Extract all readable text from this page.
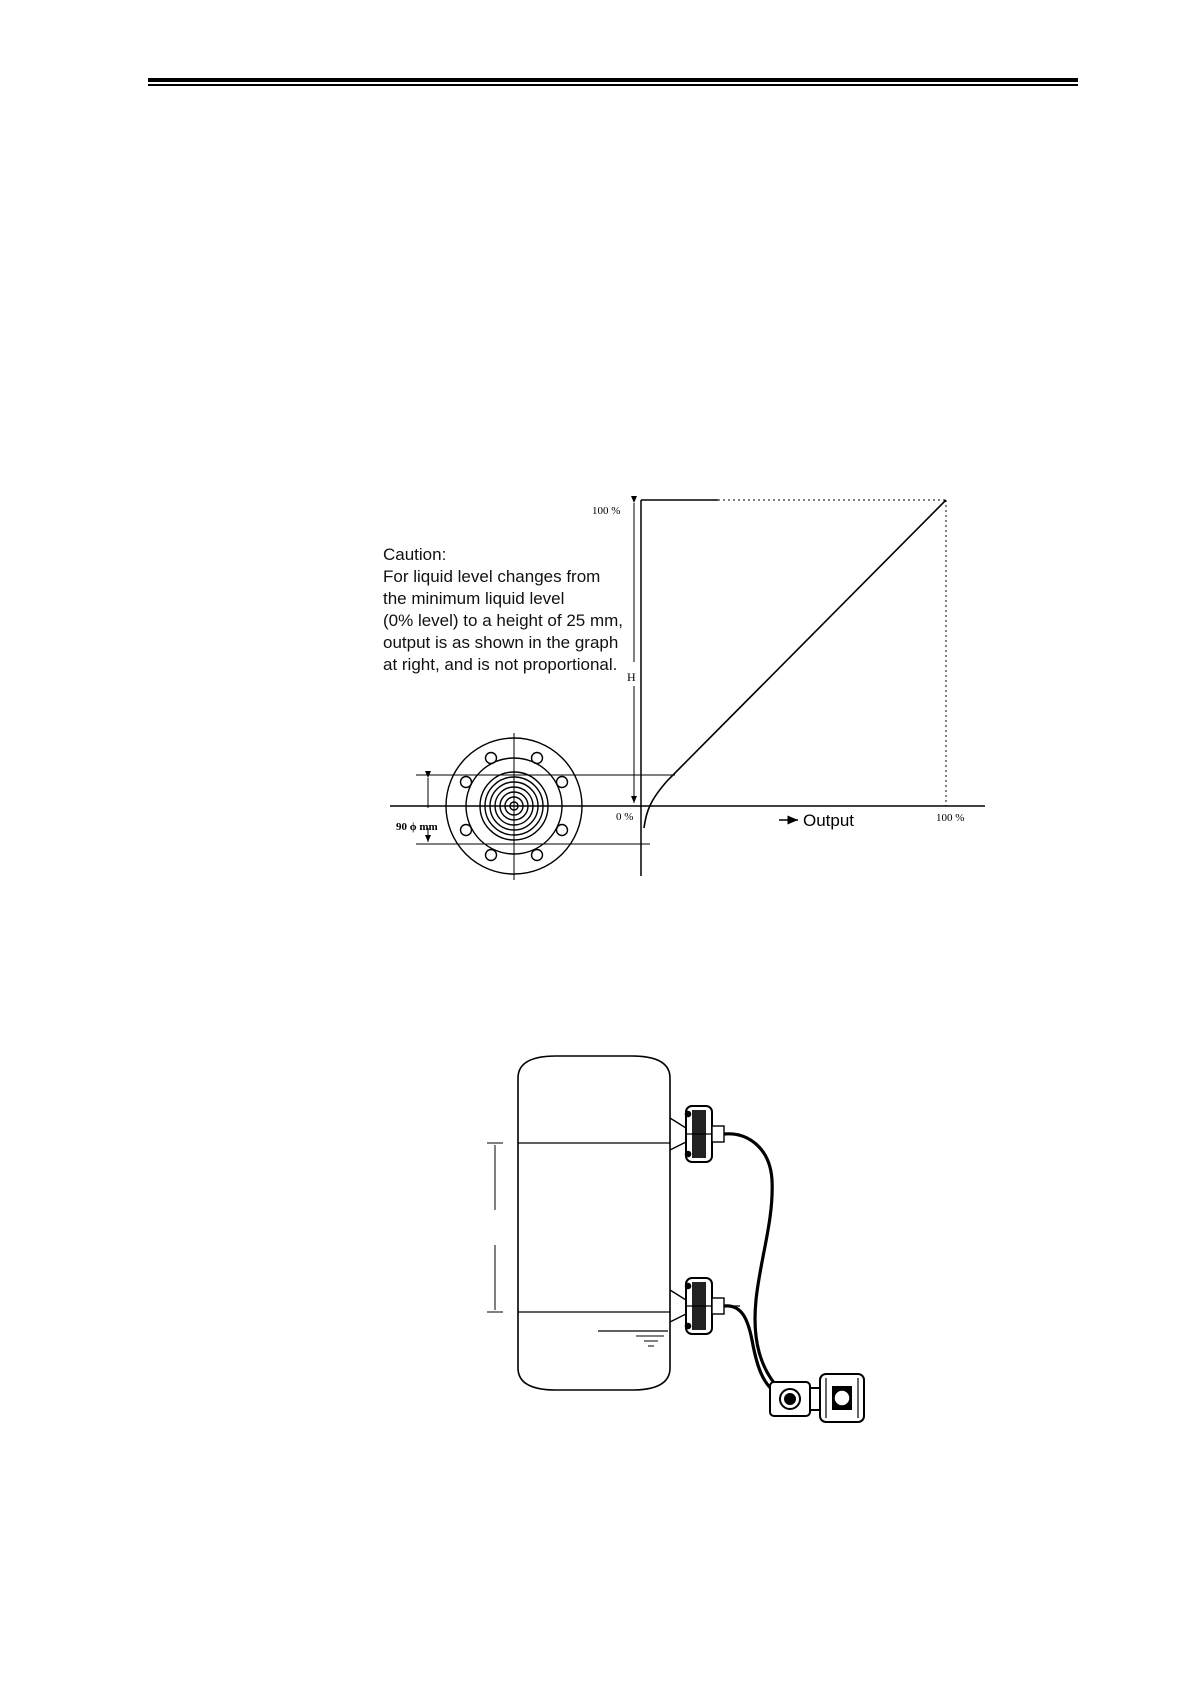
Caution:
For liquid level changes from
the minimum liquid level
(0% level) to a height of 25 mm,
output is as shown in the graph
at right, and is not proportional.
100 %
H
0 %	Output	100 %
90 ϕ mm
